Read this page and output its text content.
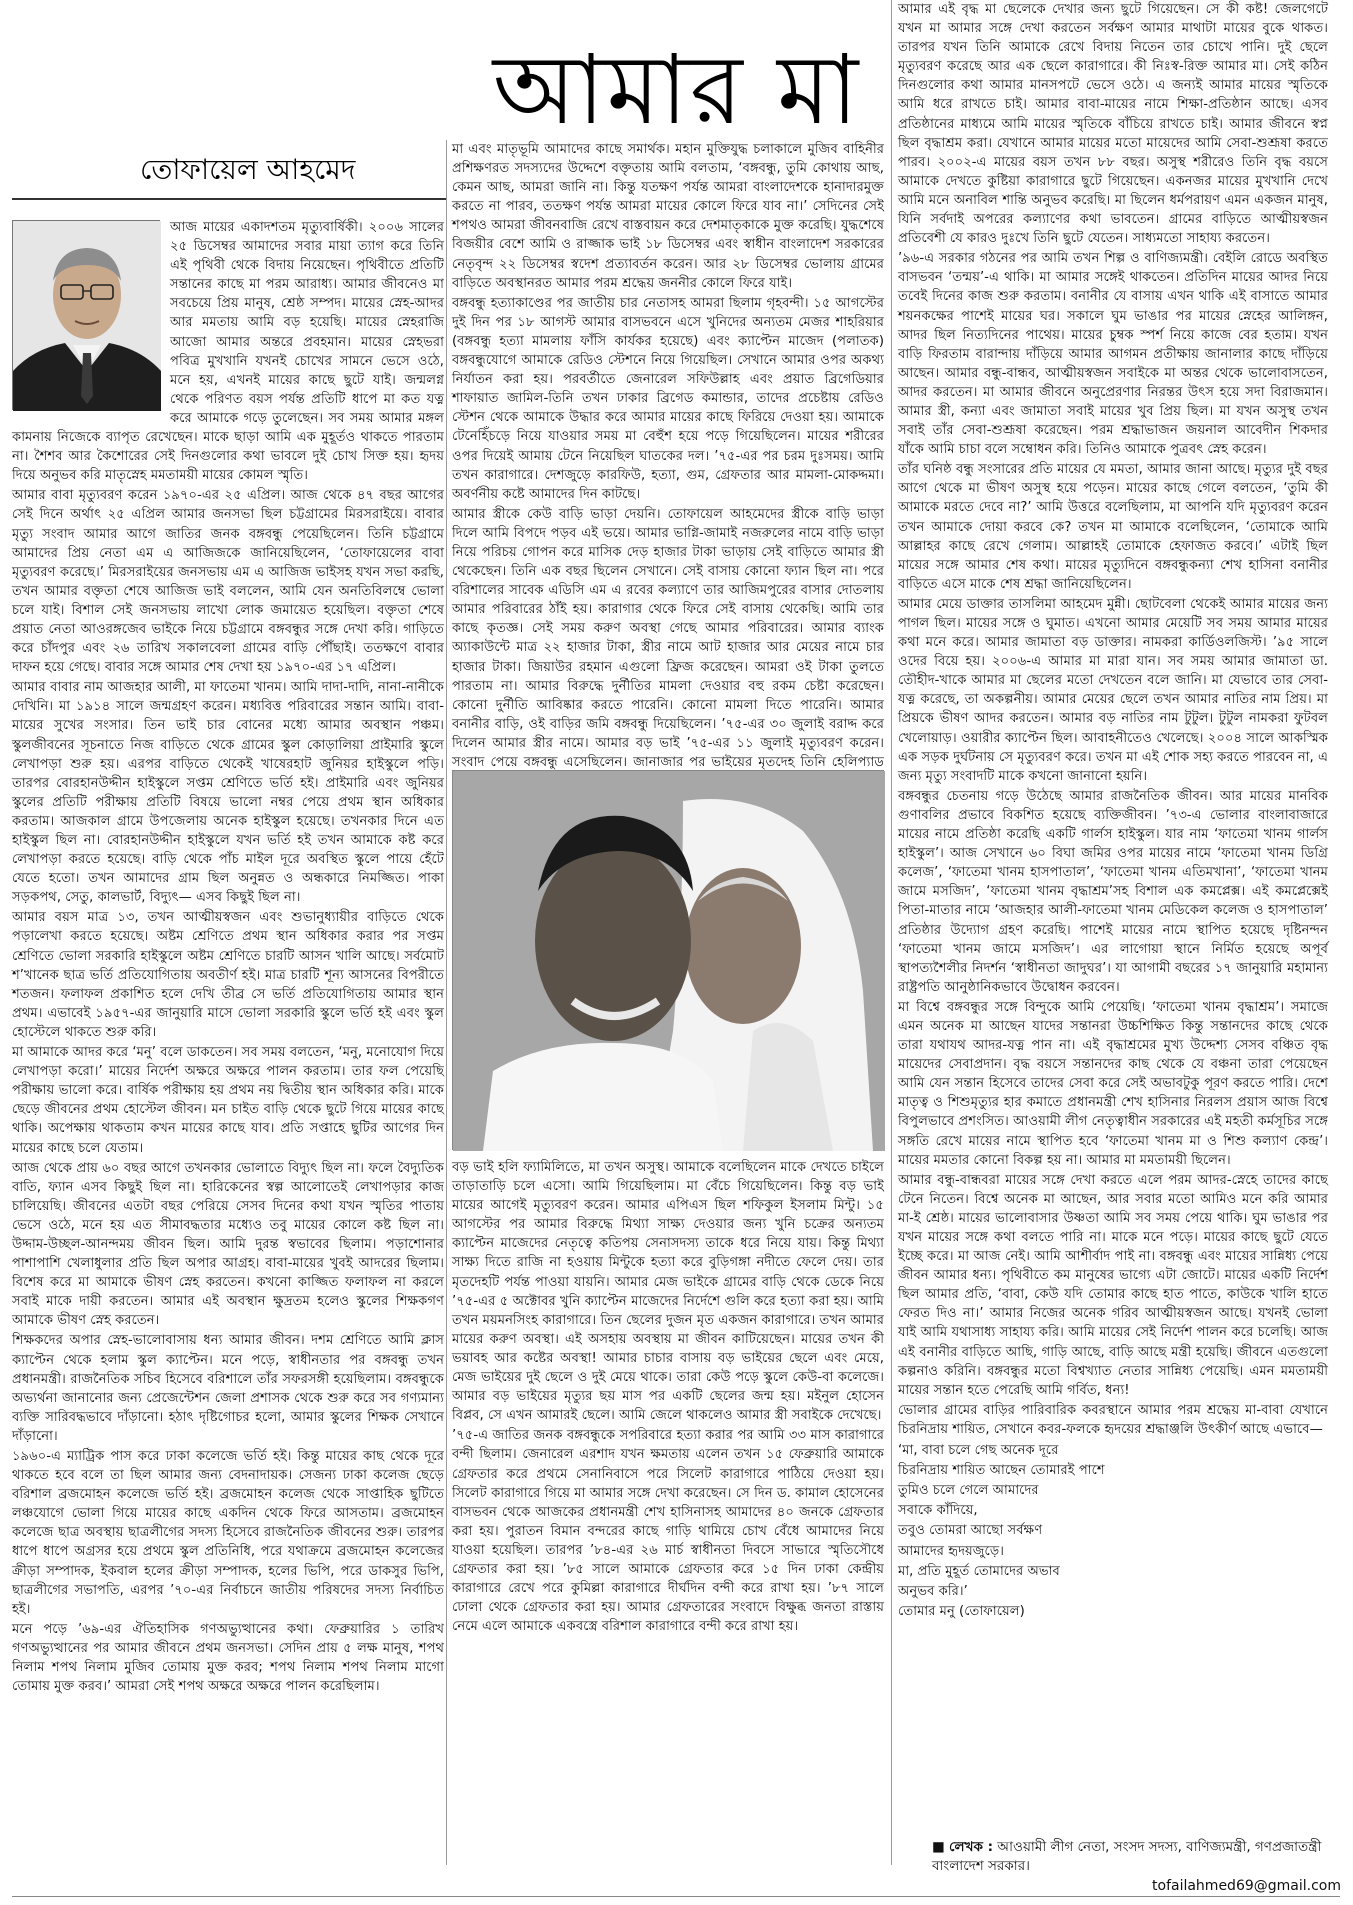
আমার মা
তোফায়েল আহমেদ

আজ মায়ের একাদশতম মৃত্যুবার্ষিকী। ২০০৬ সালের ২৫ ডিসেম্বর আমাদের সবার মায়া ত্যাগ করে তিনি এই পৃথিবী থেকে বিদায় নিয়েছেন। পৃথিবীতে প্রতিটি সন্তানের কাছে মা পরম আরাধ্য। আমার জীবনেও মা সবচেয়ে প্রিয় মানুষ, শ্রেষ্ঠ সম্পদ। মায়ের স্নেহ-আদর আর মমতায় আমি বড় হয়েছি। মায়ের স্নেহরাজি আজো আমার অন্তরে প্রবহমান। মায়ের স্নেহভরা পবিত্র মুখখানি যখনই চোখের সামনে ভেসে ওঠে, মনে হয়, এখনই মায়ের কাছে ছুটে যাই। জন্মলগ্ন থেকে পরিণত বয়স পর্যন্ত প্রতিটি ধাপে মা কত যত্ন করে আমাকে গড়ে তুলেছেন। সব সময় আমার মঙ্গল কামনায় নিজেকে ব্যাপৃত রেখেছেন। মাকে ছাড়া আমি এক মুহূর্তও থাকতে পারতাম না। শৈশব আর কৈশোরের সেই দিনগুলোর কথা ভাবলে দুই চোখ সিক্ত হয়। হৃদয় দিয়ে অনুভব করি মাতৃস্নেহ মমতাময়ী মায়ের কোমল স্মৃতি।

আমার বাবা মৃত্যুবরণ করেন ১৯৭০-এর ২৫ এপ্রিল। আজ থেকে ৪৭ বছর আগের সেই দিনে অর্থাৎ ২৫ এপ্রিল আমার জনসভা ছিল চট্টগ্রামের মিরসরাইয়ে। বাবার মৃত্যু সংবাদ আমার আগে জাতির জনক বঙ্গবন্ধু পেয়েছিলেন। তিনি চট্টগ্রামে আমাদের প্রিয় নেতা এম এ আজিজকে জানিয়েছিলেন, ‘তোফায়েলের বাবা মৃত্যুবরণ করেছে।’ মিরসরাইয়ের জনসভায় এম এ আজিজ ভাইসহ যখন সভা করছি, তখন আমার বক্তৃতা শেষে আজিজ ভাই বললেন, আমি যেন অনতিবিলম্বে ভোলা চলে যাই। বিশাল সেই জনসভায় লাখো লোক জমায়েত হয়েছিল। বক্তৃতা শেষে প্রয়াত নেতা আওরঙ্গজেব ভাইকে নিয়ে চট্টগ্রামে বঙ্গবন্ধুর সঙ্গে দেখা করি। গাড়িতে করে চাঁদপুর এবং ২৬ তারিখ সকালবেলা গ্রামের বাড়ি পৌঁছাই। ততক্ষণে বাবার দাফন হয়ে গেছে। বাবার সঙ্গে আমার শেষ দেখা হয় ১৯৭০-এর ১৭ এপ্রিল।

আমার বাবার নাম আজহার আলী, মা ফাতেমা খানম। আমি দাদা-দাদি, নানা-নানীকে দেখিনি। মা ১৯১৪ সালে জন্মগ্রহণ করেন। মধ্যবিত্ত পরিবারের সন্তান আমি। বাবা-মায়ের সুখের সংসার। তিন ভাই চার বোনের মধ্যে আমার অবস্থান পঞ্চম। স্কুলজীবনের সূচনাতে নিজ বাড়িতে থেকে গ্রামের স্কুল কোড়ালিয়া প্রাইমারি স্কুলে লেখাপড়া শুরু হয়। এরপর বাড়িতে থেকেই খাষেরহাট জুনিয়র হাইস্কুলে পড়ি। তারপর বোরহানউদ্দীন হাইস্কুলে সপ্তম শ্রেণিতে ভর্তি হই। প্রাইমারি এবং জুনিয়র স্কুলের প্রতিটি পরীক্ষায় প্রতিটি বিষয়ে ভালো নম্বর পেয়ে প্রথম স্থান অধিকার করতাম। আজকাল গ্রামে উপজেলায় অনেক হাইস্কুল হয়েছে। তখনকার দিনে এত হাইস্কুল ছিল না। বোরহানউদ্দীন হাইস্কুলে যখন ভর্তি হই তখন আমাকে কষ্ট করে লেখাপড়া করতে হয়েছে। বাড়ি থেকে পাঁচ মাইল দূরে অবস্থিত স্কুলে পায়ে হেঁটে যেতে হতো। তখন আমাদের গ্রাম ছিল অনুন্নত ও অন্ধকারে নিমজ্জিত। পাকা সড়কপথ, সেতু, কালভার্ট, বিদ্যুৎ— এসব কিছুই ছিল না।

আমার বয়স মাত্র ১৩, তখন আত্মীয়স্বজন এবং শুভানুধ্যায়ীর বাড়িতে থেকে পড়ালেখা করতে হয়েছে। অষ্টম শ্রেণিতে প্রথম স্থান অধিকার করার পর সপ্তম শ্রেণিতে ভোলা সরকারি হাইস্কুলে অষ্টম শ্রেণিতে চারটি আসন খালি আছে। সর্বমোট শ’খানেক ছাত্র ভর্তি প্রতিযোগিতায় অবতীর্ণ হই। মাত্র চারটি শূন্য আসনের বিপরীতে শতজন। ফলাফল প্রকাশিত হলে দেখি তীব্র সে ভর্তি প্রতিযোগিতায় আমার স্থান প্রথম। এভাবেই ১৯৫৭-এর জানুয়ারি মাসে ভোলা সরকারি স্কুলে ভর্তি হই এবং স্কুল হোস্টেলে থাকতে শুরু করি।

মা আমাকে আদর করে ‘মনু’ বলে ডাকতেন। সব সময় বলতেন, ‘মনু, মনোযোগ দিয়ে লেখাপড়া করো।’ মায়ের নির্দেশ অক্ষরে অক্ষরে পালন করতাম। তার ফল পেয়েছি পরীক্ষায় ভালো করে। বার্ষিক পরীক্ষায় হয় প্রথম নয় দ্বিতীয় স্থান অধিকার করি। মাকে ছেড়ে জীবনের প্রথম হোস্টেল জীবন। মন চাইত বাড়ি থেকে ছুটে গিয়ে মায়ের কাছে থাকি। অপেক্ষায় থাকতাম কখন মায়ের কাছে যাব। প্রতি সপ্তাহে ছুটির আগের দিন মায়ের কাছে চলে যেতাম।

আজ থেকে প্রায় ৬০ বছর আগে তখনকার ভোলাতে বিদ্যুৎ ছিল না। ফলে বৈদ্যুতিক বাতি, ফ্যান এসব কিছুই ছিল না। হারিকেনের স্বল্প আলোতেই লেখাপড়ার কাজ চালিয়েছি। জীবনের এতটা বছর পেরিয়ে সেসব দিনের কথা যখন স্মৃতির পাতায় ভেসে ওঠে, মনে হয় এত সীমাবদ্ধতার মধ্যেও তবু মায়ের কোলে কষ্ট ছিল না। উদ্দাম-উচ্ছল-আনন্দময় জীবন ছিল। আমি দুরন্ত স্বভাবের ছিলাম। পড়াশোনার পাশাপাশি খেলাধুলার প্রতি ছিল অপার আগ্রহ। বাবা-মায়ের খুবই আদরের ছিলাম। বিশেষ করে মা আমাকে ভীষণ স্নেহ করতেন। কখনো কাজ্জিত ফলাফল না করলে সবাই মাকে দায়ী করতেন। আমার এই অবস্থান ক্ষুদ্রতম হলেও স্কুলের শিক্ষকগণ আমাকে ভীষণ স্নেহ করতেন।

শিক্ষকদের অপার স্নেহ-ভালোবাসায় ধন্য আমার জীবন। দশম শ্রেণিতে আমি ক্লাস ক্যাপ্টেন থেকে হলাম স্কুল ক্যাপ্টেন। মনে পড়ে, স্বাধীনতার পর বঙ্গবন্ধু তখন প্রধানমন্ত্রী। রাজনৈতিক সচিব হিসেবে বরিশালে তাঁর সফরসঙ্গী হয়েছিলাম। বঙ্গবন্ধুকে অভ্যর্থনা জানানোর জন্য প্রেজেন্টেশন জেলা প্রশাসক থেকে শুরু করে সব গণ্যমান্য ব্যক্তি সারিবদ্ধভাবে দাঁড়ানো। হঠাৎ দৃষ্টিগোচর হলো, আমার স্কুলের শিক্ষক সেখানে দাঁড়ানো।

১৯৬০-এ ম্যাট্রিক পাস করে ঢাকা কলেজে ভর্তি হই। কিন্তু মায়ের কাছ থেকে দূরে থাকতে হবে বলে তা ছিল আমার জন্য বেদনাদায়ক। সেজন্য ঢাকা কলেজ ছেড়ে বরিশাল ব্রজমোহন কলেজে ভর্তি হই। ব্রজমোহন কলেজ থেকে সাপ্তাহিক ছুটিতে লঞ্চযোগে ভোলা গিয়ে মায়ের কাছে একদিন থেকে ফিরে আসতাম। ব্রজমোহন কলেজে ছাত্র অবস্থায় ছাত্রলীগের সদস্য হিসেবে রাজনৈতিক জীবনের শুরু। তারপর ধাপে ধাপে অগ্রসর হয়ে প্রথমে স্কুল প্রতিনিধি, পরে যথাক্রমে ব্রজমোহন কলেজের ক্রীড়া সম্পাদক, ইকবাল হলের ক্রীড়া সম্পাদক, হলের ভিপি, পরে ডাকসুর ভিপি, ছাত্রলীগের সভাপতি, এরপর ’৭০-এর নির্বাচনে জাতীয় পরিষদের সদস্য নির্বাচিত হই।

মনে পড়ে ’৬৯-এর ঐতিহাসিক গণঅভ্যুত্থানের কথা। ফেব্রুয়ারির ১ তারিখ গণঅভ্যুত্থানের পর আমার জীবনে প্রথম জনসভা। সেদিন প্রায় ৫ লক্ষ মানুষ, শপথ নিলাম শপথ নিলাম মুজিব তোমায় মুক্ত করব; শপথ নিলাম শপথ নিলাম মাগো তোমায় মুক্ত করব।’ আমরা সেই শপথ অক্ষরে অক্ষরে পালন করেছিলাম।

মা এবং মাতৃভূমি আমাদের কাছে সমার্থক। মহান মুক্তিযুদ্ধ চলাকালে মুজিব বাহিনীর প্রশিক্ষণরত সদস্যদের উদ্দেশে বক্তৃতায় আমি বলতাম, ‘বঙ্গবন্ধু, তুমি কোথায় আছ, কেমন আছ, আমরা জানি না। কিন্তু যতক্ষণ পর্যন্ত আমরা বাংলাদেশকে হানাদারমুক্ত করতে না পারব, ততক্ষণ পর্যন্ত আমরা মায়ের কোলে ফিরে যাব না।’ সেদিনের সেই শপথও আমরা জীবনবাজি রেখে বাস্তবায়ন করে দেশমাতৃকাকে মুক্ত করেছি। যুদ্ধশেষে বিজয়ীর বেশে আমি ও রাজ্জাক ভাই ১৮ ডিসেম্বর এবং স্বাধীন বাংলাদেশ সরকারের নেতৃবৃন্দ ২২ ডিসেম্বর স্বদেশ প্রত্যাবর্তন করেন। আর ২৮ ডিসেম্বর ভোলায় গ্রামের বাড়িতে অবস্থানরত আমার পরম শ্রদ্ধেয় জননীর কোলে ফিরে যাই।

বঙ্গবন্ধু হত্যাকাণ্ডের পর জাতীয় চার নেতাসহ আমরা ছিলাম গৃহবন্দী। ১৫ আগস্টের দুই দিন পর ১৮ আগস্ট আমার বাসভবনে এসে খুনিদের অন্যতম মেজর শাহরিয়ার (বঙ্গবন্ধু হত্যা মামলায় ফাঁসি কার্যকর হয়েছে) এবং ক্যাপ্টেন মাজেদ (পলাতক) বঙ্গবন্ধুযোগে আমাকে রেডিও স্টেশনে নিয়ে গিয়েছিল। সেখানে আমার ওপর অকথ্য নির্যাতন করা হয়। পরবর্তীতে জেনারেল সফিউল্লাহ এবং প্রয়াত ব্রিগেডিয়ার শাফায়াত জামিল-তিনি তখন ঢাকার ব্রিগেড কমান্ডার, তাদের প্রচেষ্টায় রেডিও স্টেশন থেকে আমাকে উদ্ধার করে আমার মায়ের কাছে ফিরিয়ে দেওয়া হয়। আমাকে টেনেহিঁচড়ে নিয়ে যাওয়ার সময় মা বেহুঁশ হয়ে পড়ে গিয়েছিলেন। মায়ের শরীরের ওপর দিয়েই আমায় টেনে নিয়েছিল ঘাতকের দল। ’৭৫-এর পর চরম দুঃসময়। আমি তখন কারাগারে। দেশজুড়ে কারফিউ, হত্যা, গুম, গ্রেফতার আর মামলা-মোকদ্দমা। অবর্ণনীয় কষ্টে আমাদের দিন কাটছে।

আমার স্ত্রীকে কেউ বাড়ি ভাড়া দেয়নি। তোফায়েল আহমেদের স্ত্রীকে বাড়ি ভাড়া দিলে আমি বিপদে পড়ব এই ভয়ে। আমার ভাগ্নি-জামাই নজরুলের নামে বাড়ি ভাড়া নিয়ে পরিচয় গোপন করে মাসিক দেড় হাজার টাকা ভাড়ায় সেই বাড়িতে আমার স্ত্রী থেকেছেন। তিনি এক বছর ছিলেন সেখানে। সেই বাসায় কোনো ফ্যান ছিল না। পরে বরিশালের সাবেক এডিসি এম এ রবের কল্যাণে তার আজিমপুরের বাসার দোতলায় আমার পরিবারের ঠাঁই হয়। কারাগার থেকে ফিরে সেই বাসায় থেকেছি। আমি তার কাছে কৃতজ্ঞ। সেই সময় করুণ অবস্থা গেছে আমার পরিবারের। আমার ব্যাংক অ্যাকাউন্টে মাত্র ২২ হাজার টাকা, স্ত্রীর নামে আট হাজার আর মেয়ের নামে চার হাজার টাকা। জিয়াউর রহমান এগুলো ফ্রিজ করেছেন। আমরা ওই টাকা তুলতে পারতাম না। আমার বিরুদ্ধে দুর্নীতির মামলা দেওয়ার বহু রকম চেষ্টা করেছেন। কোনো দুর্নীতি আবিষ্কার করতে পারেনি। কোনো মামলা দিতে পারেনি। আমার বনানীর বাড়ি, ওই বাড়ির জমি বঙ্গবন্ধু দিয়েছিলেন। ’৭৫-এর ৩০ জুলাই বরাদ্দ করে দিলেন আমার স্ত্রীর নামে। আমার বড় ভাই ’৭৫-এর ১১ জুলাই মৃত্যুবরণ করেন। সংবাদ পেয়ে বঙ্গবন্ধু এসেছিলেন। জানাজার পর ভাইয়ের মৃতদেহ তিনি হেলিপ্যাড

বড় ভাই হলি ফ্যামিলিতে, মা তখন অসুস্থ। আমাকে বলেছিলেন মাকে দেখতে চাইলে তাড়াতাড়ি চলে এসো। আমি গিয়েছিলাম। মা বেঁচে গিয়েছিলেন। কিন্তু বড় ভাই মায়ের আগেই মৃত্যুবরণ করেন। আমার এপিএস ছিল শফিকুল ইসলাম মিন্টু। ১৫ আগস্টের পর আমার বিরুদ্ধে মিথ্যা সাক্ষ্য দেওয়ার জন্য খুনি চক্রের অন্যতম ক্যাপ্টেন মাজেদের নেতৃত্বে কতিপয় সেনাসদস্য তাকে ধরে নিয়ে যায়। কিন্তু মিথ্যা সাক্ষ্য দিতে রাজি না হওয়ায় মিন্টুকে হত্যা করে বুড়িগঙ্গা নদীতে ফেলে দেয়। তার মৃতদেহটি পর্যন্ত পাওয়া যায়নি। আমার মেজ ভাইকে গ্রামের বাড়ি থেকে ডেকে নিয়ে ’৭৫-এর ৫ অক্টোবর খুনি ক্যাপ্টেন মাজেদের নির্দেশে গুলি করে হত্যা করা হয়। আমি তখন ময়মনসিংহ কারাগারে। তিন ছেলের দুজন মৃত একজন কারাগারে। তখন আমার মায়ের করুণ অবস্থা। এই অসহায় অবস্থায় মা জীবন কাটিয়েছেন। মায়ের তখন কী ভয়াবহ আর কষ্টের অবস্থা! আমার চাচার বাসায় বড় ভাইয়ের ছেলে এবং মেয়ে, মেজ ভাইয়ের দুই ছেলে ও দুই মেয়ে থাকে। তারা কেউ পড়ে স্কুলে কেউ-বা কলেজে। আমার বড় ভাইয়ের মৃত্যুর ছয় মাস পর একটি ছেলের জন্ম হয়। মইনুল হোসেন বিপ্লব, সে এখন আমারই ছেলে। আমি জেলে থাকলেও আমার স্ত্রী সবাইকে দেখেছে।

’৭৫-এ জাতির জনক বঙ্গবন্ধুকে সপরিবারে হত্যা করার পর আমি ৩৩ মাস কারাগারে বন্দী ছিলাম। জেনারেল এরশাদ যখন ক্ষমতায় এলেন তখন ১৫ ফেব্রুয়ারি আমাকে গ্রেফতার করে প্রথমে সেনানিবাসে পরে সিলেট কারাগারে পাঠিয়ে দেওয়া হয়। সিলেট কারাগারে গিয়ে মা আমার সঙ্গে দেখা করেছেন। সে দিন ড. কামাল হোসেনের বাসভবন থেকে আজকের প্রধানমন্ত্রী শেখ হাসিনাসহ আমাদের ৪০ জনকে গ্রেফতার করা হয়। পুরাতন বিমান বন্দরের কাছে গাড়ি থামিয়ে চোখ বেঁধে আমাদের নিয়ে যাওয়া হয়েছিল। তারপর ’৮৪-এর ২৬ মার্চ স্বাধীনতা দিবসে সাভারে স্মৃতিসৌধে গ্রেফতার করা হয়। ’৮৫ সালে আমাকে গ্রেফতার করে ১৫ দিন ঢাকা কেন্দ্রীয় কারাগারে রেখে পরে কুমিল্লা কারাগারে দীর্ঘদিন বন্দী করে রাখা হয়। ’৮৭ সালে ঢোলা থেকে গ্রেফতার করা হয়। আমার গ্রেফতারের সংবাদে বিক্ষুব্ধ জনতা রাস্তায় নেমে এলে আমাকে একবস্ত্রে বরিশাল কারাগারে বন্দী করে রাখা হয়।

আমার এই বৃদ্ধ মা ছেলেকে দেখার জন্য ছুটে গিয়েছেন। সে কী কষ্ট! জেলগেটে যখন মা আমার সঙ্গে দেখা করতেন সর্বক্ষণ আমার মাথাটা মায়ের বুকে থাকত। তারপর যখন তিনি আমাকে রেখে বিদায় নিতেন তার চোখে পানি। দুই ছেলে মৃত্যুবরণ করেছে আর এক ছেলে কারাগারে। কী নিঃস্ব-রিক্ত আমার মা। সেই কঠিন দিনগুলোর কথা আমার মানসপটে ভেসে ওঠে। এ জন্যই আমার মায়ের স্মৃতিকে আমি ধরে রাখতে চাই। আমার বাবা-মায়ের নামে শিক্ষা-প্রতিষ্ঠান আছে। এসব প্রতিষ্ঠানের মাধ্যমে আমি মায়ের স্মৃতিকে বাঁচিয়ে রাখতে চাই। আমার জীবনে স্বপ্ন ছিল বৃদ্ধাশ্রম করা। যেখানে আমার মায়ের মতো মায়েদের আমি সেবা-শুশ্রূষা করতে পারব। ২০০২-এ মায়ের বয়স তখন ৮৮ বছর। অসুস্থ শরীরেও তিনি বৃদ্ধ বয়সে আমাকে দেখতে কুষ্টিয়া কারাগারে ছুটে গিয়েছেন। একনজর মায়ের মুখখানি দেখে আমি মনে অনাবিল শান্তি অনুভব করেছি। মা ছিলেন ধর্মপরায়ণ এমন একজন মানুষ, যিনি সর্বদাই অপরের কল্যাণের কথা ভাবতেন। গ্রামের বাড়িতে আত্মীয়স্বজন প্রতিবেশী যে কারও দুঃখে তিনি ছুটে যেতেন। সাধ্যমতো সাহায্য করতেন।

’৯৬-এ সরকার গঠনের পর আমি তখন শিল্প ও বাণিজ্যমন্ত্রী। বেইলি রোডে অবস্থিত বাসভবন ‘তন্ময়’-এ থাকি। মা আমার সঙ্গেই থাকতেন। প্রতিদিন মায়ের আদর নিয়ে তবেই দিনের কাজ শুরু করতাম। বনানীর যে বাসায় এখন থাকি এই বাসাতে আমার শয়নকক্ষের পাশেই মায়ের ঘর। সকালে ঘুম ভাঙার পর মায়ের স্নেহের আলিঙ্গন, আদর ছিল নিত্যদিনের পাথেয়। মায়ের চুম্বক স্পর্শ নিয়ে কাজে বের হতাম। যখন বাড়ি ফিরতাম বারান্দায় দাঁড়িয়ে আমার আগমন প্রতীক্ষায় জানালার কাছে দাঁড়িয়ে আছেন। আমার বন্ধু-বান্ধব, আত্মীয়স্বজন সবাইকে মা অন্তর থেকে ভালোবাসতেন, আদর করতেন। মা আমার জীবনে অনুপ্রেরণার নিরন্তর উৎস হয়ে সদা বিরাজমান। আমার স্ত্রী, কন্যা এবং জামাতা সবাই মায়ের খুব প্রিয় ছিল। মা যখন অসুস্থ তখন সবাই তাঁর সেবা-শুশ্রূষা করেছেন। পরম শ্রদ্ধাভাজন জয়নাল আবেদীন শিকদার যাঁকে আমি চাচা বলে সম্বোধন করি। তিনিও আমাকে পুত্রবৎ স্নেহ করেন।

তাঁর ঘনিষ্ঠ বন্ধু সংসারের প্রতি মায়ের যে মমতা, আমার জানা আছে। মৃত্যুর দুই বছর আগে থেকে মা ভীষণ অসুস্থ হয়ে পড়েন। মায়ের কাছে গেলে বলতেন, ‘তুমি কী আমাকে মরতে দেবে না?’ আমি উত্তরে বলেছিলাম, মা আপনি যদি মৃত্যুবরণ করেন তখন আমাকে দোয়া করবে কে? তখন মা আমাকে বলেছিলেন, ‘তোমাকে আমি আল্লাহর কাছে রেখে গেলাম। আল্লাহই তোমাকে হেফাজত করবে।’ এটাই ছিল মায়ের সঙ্গে আমার শেষ কথা। মায়ের মৃত্যুদিনে বঙ্গবন্ধুকন্যা শেখ হাসিনা বনানীর বাড়িতে এসে মাকে শেষ শ্রদ্ধা জানিয়েছিলেন।

আমার মেয়ে ডাক্তার তাসলিমা আহমেদ মুন্নী। ছোটবেলা থেকেই আমার মায়ের জন্য পাগল ছিল। মায়ের সঙ্গে ও ঘুমাত। এখনো আমার মেয়েটি সব সময় আমার মায়ের কথা মনে করে। আমার জামাতা বড় ডাক্তার। নামকরা কার্ডিওলজিস্ট। ’৯৫ সালে ওদের বিয়ে হয়। ২০০৬-এ আমার মা মারা যান। সব সময় আমার জামাতা ডা. তৌহীদ-খাকে আমার মা ছেলের মতো দেখতেন বলে জানি। মা যেভাবে তার সেবা-যত্ন করেছে, তা অকল্পনীয়। আমার মেয়ের ছেলে তখন আমার নাতির নাম প্রিয়। মা প্রিয়কে ভীষণ আদর করতেন। আমার বড় নাতির নাম টুটুল। টুটুল নামকরা ফুটবল খেলোয়াড়। ওয়ারীর ক্যাপ্টেন ছিল। আবাহনীতেও খেলেছে। ২০০৪ সালে আকস্মিক এক সড়ক দুর্ঘটনায় সে মৃত্যুবরণ করে। তখন মা এই শোক সহ্য করতে পারবেন না, এ জন্য মৃত্যু সংবাদটি মাকে কখনো জানানো হয়নি।

বঙ্গবন্ধুর চেতনায় গড়ে উঠেছে আমার রাজনৈতিক জীবন। আর মায়ের মানবিক গুণাবলির প্রভাবে বিকশিত হয়েছে ব্যক্তিজীবন। ’৭৩-এ ভোলার বাংলাবাজারে মায়ের নামে প্রতিষ্ঠা করেছি একটি গার্লস হাইস্কুল। যার নাম ‘ফাতেমা খানম গার্লস হাইস্কুল’। আজ সেখানে ৬০ বিঘা জমির ওপর মায়ের নামে ‘ফাতেমা খানম ডিগ্রি কলেজ’, ‘ফাতেমা খানম হাসপাতাল’, ‘ফাতেমা খানম এতিমখানা’, ‘ফাতেমা খানম জামে মসজিদ’, ‘ফাতেমা খানম বৃদ্ধাশ্রম’সহ বিশাল এক কমপ্লেক্স। এই কমপ্লেক্সেই পিতা-মাতার নামে ‘আজহার আলী-ফাতেমা খানম মেডিকেল কলেজ ও হাসপাতাল’ প্রতিষ্ঠার উদ্যোগ গ্রহণ করেছি। পাশেই মায়ের নামে স্থাপিত হয়েছে দৃষ্টিনন্দন ‘ফাতেমা খানম জামে মসজিদ’। এর লাগোয়া স্থানে নির্মিত হয়েছে অপূর্ব স্থাপত্যশৈলীর নিদর্শন ‘স্বাধীনতা জাদুঘর’। যা আগামী বছরের ১৭ জানুয়ারি মহামান্য রাষ্ট্রপতি আনুষ্ঠানিকভাবে উদ্বোধন করবেন।

মা বিশ্বে বঙ্গবন্ধুর সঙ্গে বিন্দুকে আমি পেয়েছি। ‘ফাতেমা খানম বৃদ্ধাশ্রম’। সমাজে এমন অনেক মা আছেন যাদের সন্তানরা উচ্চশিক্ষিত কিন্তু সন্তানদের কাছে থেকে তারা যথাযথ আদর-যত্ন পান না। এই বৃদ্ধাশ্রমের মুখ্য উদ্দেশ্য সেসব বঞ্চিত বৃদ্ধ মায়েদের সেবাপ্রদান। বৃদ্ধ বয়সে সন্তানদের কাছ থেকে যে বঞ্চনা তারা পেয়েছেন আমি যেন সন্তান হিসেবে তাদের সেবা করে সেই অভাবটুকু পূরণ করতে পারি। দেশে মাতৃত্ব ও শিশুমৃত্যুর হার কমাতে প্রধানমন্ত্রী শেখ হাসিনার নিরলস প্রয়াস আজ বিশ্বে বিপুলভাবে প্রশংসিত। আওয়ামী লীগ নেতৃত্বাধীন সরকারের এই মহতী কর্মসূচির সঙ্গে সঙ্গতি রেখে মায়ের নামে স্থাপিত হবে ‘ফাতেমা খানম মা ও শিশু কল্যাণ কেন্দ্র’। মায়ের মমতার কোনো বিকল্প হয় না। আমার মা মমতাময়ী ছিলেন।

আমার বন্ধু-বান্ধবরা মায়ের সঙ্গে দেখা করতে এলে পরম আদর-স্নেহে তাদের কাছে টেনে নিতেন। বিশ্বে অনেক মা আছেন, আর সবার মতো আমিও মনে করি আমার মা-ই শ্রেষ্ঠ। মায়ের ভালোবাসার উষ্ণতা আমি সব সময় পেয়ে থাকি। ঘুম ভাঙার পর যখন মায়ের সঙ্গে কথা বলতে পারি না। মাকে মনে পড়ে। মায়ের কাছে ছুটে যেতে ইচ্ছে করে। মা আজ নেই। আমি আশীর্বাদ পাই না। বঙ্গবন্ধু এবং মায়ের সান্নিধ্য পেয়ে জীবন আমার ধন্য। পৃথিবীতে কম মানুষের ভাগ্যে এটা জোটে। মায়ের একটি নির্দেশ ছিল আমার প্রতি, ‘বাবা, কেউ যদি তোমার কাছে হাত পাতে, কাউকে খালি হাতে ফেরত দিও না।’ আমার নিজের অনেক গরিব আত্মীয়স্বজন আছে। যখনই ভোলা যাই আমি যথাসাধ্য সাহায্য করি। আমি মায়ের সেই নির্দেশ পালন করে চলেছি। আজ এই বনানীর বাড়িতে আছি, গাড়ি আছে, বাড়ি আছে মন্ত্রী হয়েছি। জীবনে এতগুলো কল্পনাও করিনি। বঙ্গবন্ধুর মতো বিশ্বখ্যাত নেতার সান্নিধ্য পেয়েছি। এমন মমতাময়ী মায়ের সন্তান হতে পেরেছি আমি গর্বিত, ধন্য!

ভোলার গ্রামের বাড়ির পারিবারিক কবরস্থানে আমার পরম শ্রদ্ধেয় মা-বাবা যেখানে চিরনিদ্রায় শায়িত, সেখানে কবর-ফলকে হৃদয়ের শ্রদ্ধাঞ্জলি উৎকীর্ণ আছে এভাবে—

‘মা, বাবা চলে গেছ অনেক দূরে

চিরনিদ্রায় শায়িত আছেন তোমারই পাশে

তুমিও চলে গেলে আমাদের

সবাকে কাঁদিয়ে,

তবুও তোমরা আছো সর্বক্ষণ

আমাদের হৃদয়জুড়ে।

মা, প্রতি মুহূর্ত তোমাদের অভাব

অনুভব করি।’

তোমার মনু (তোফায়েল)

■ লেখক : আওয়ামী লীগ নেতা, সংসদ সদস্য, বাণিজ্যমন্ত্রী, গণপ্রজাতন্ত্রী বাংলাদেশ সরকার।
tofailahmed69@gmail.com
